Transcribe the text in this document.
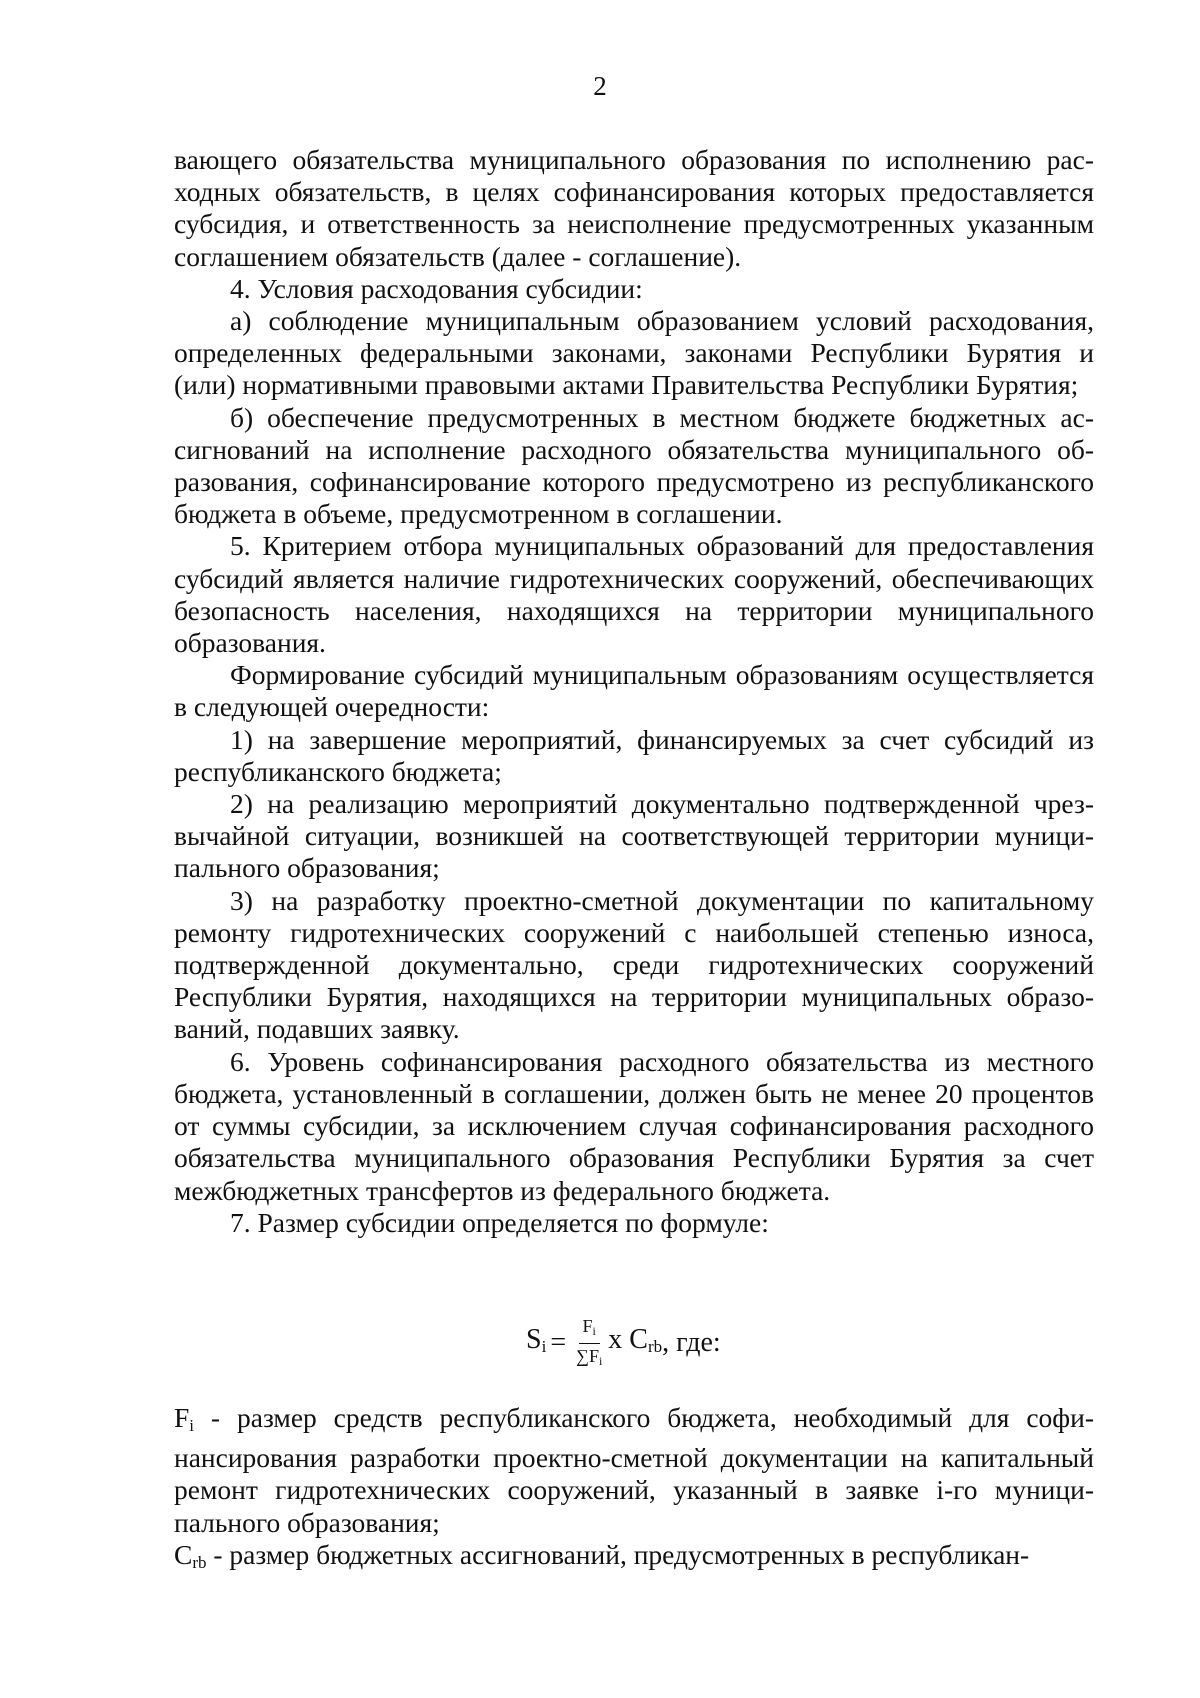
2

вающего обязательства муниципального образования по исполнению расходных обязательств, в целях софинансирования которых предоставляется субсидия, и ответственность за неисполнение предусмотренных указанным соглашением обязательств (далее - соглашение).

4. Условия расходования субсидии:

а) соблюдение муниципальным образованием условий расходования, определенных федеральными законами, законами Республики Бурятия и (или) нормативными правовыми актами Правительства Республики Бурятия;

б) обеспечение предусмотренных в местном бюджете бюджетных ассигнований на исполнение расходного обязательства муниципального образования, софинансирование которого предусмотрено из республиканского бюджета в объеме, предусмотренном в соглашении.

5. Критерием отбора муниципальных образований для предоставления субсидий является наличие гидротехнических сооружений, обеспечивающих безопасность населения, находящихся на территории муниципального образования.

Формирование субсидий муниципальным образованиям осуществляется в следующей очередности:

1) на завершение мероприятий, финансируемых за счет субсидий из республиканского бюджета;

2) на реализацию мероприятий документально подтвержденной чрезвычайной ситуации, возникшей на соответствующей территории муниципального образования;

3) на разработку проектно-сметной документации по капитальному ремонту гидротехнических сооружений с наибольшей степенью износа, подтвержденной документально, среди гидротехнических сооружений Республики Бурятия, находящихся на территории муниципальных образований, подавших заявку.

6. Уровень софинансирования расходного обязательства из местного бюджета, установленный в соглашении, должен быть не менее 20 процентов от суммы субсидии, за исключением случая софинансирования расходного обязательства муниципального образования Республики Бурятия за счет межбюджетных трансфертов из федерального бюджета.

7. Размер субсидии определяется по формуле:

$S_i = \frac{F_i}{\sum F_i}$ x $C_{rb}$ , где:

$F_i$ - размер средств республиканского бюджета, необходимый для софинансирования разработки проектно-сметной документации на капитальный ремонт гидротехнических сооружений, указанный в заявке i-го муниципального образования;

$C_{rb}$ - размер бюджетных ассигнований, предусмотренных в республикан-
